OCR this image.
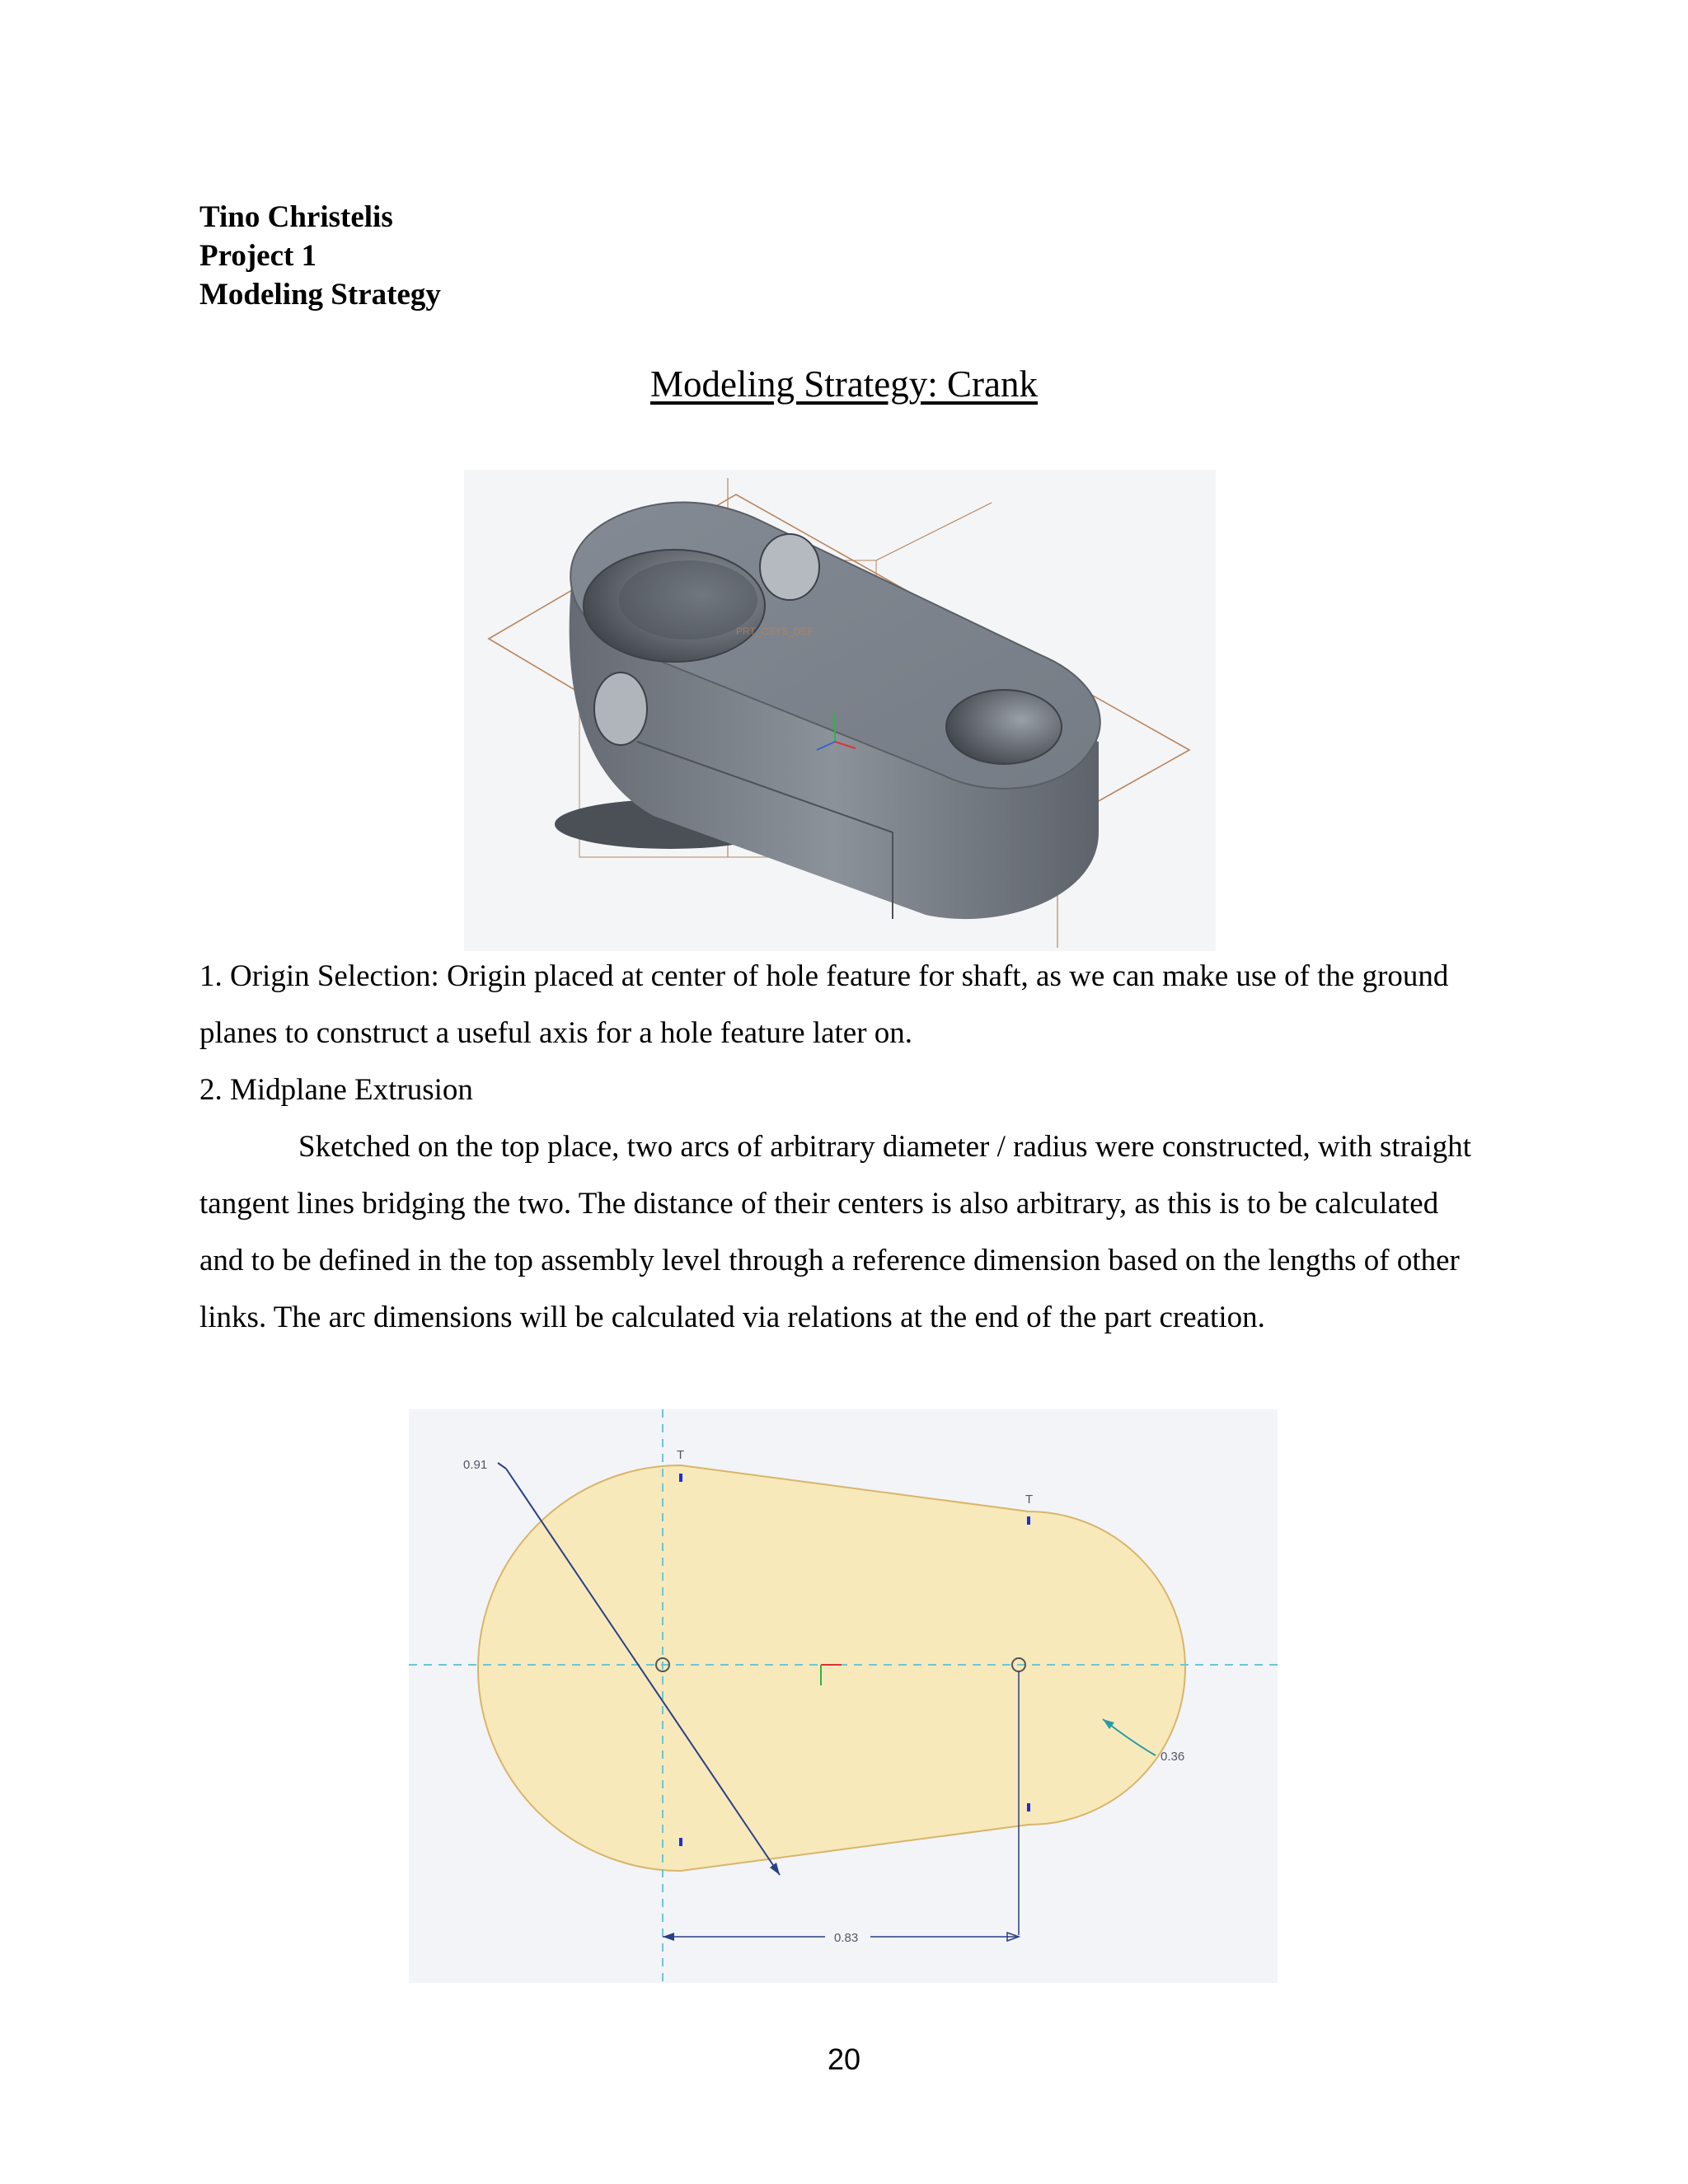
Tino Christelis
Project 1
Modeling Strategy
Modeling Strategy: Crank
PRT_CSYS_DEF

1. Origin Selection: Origin placed at center of hole feature for shaft, as we can make use of the ground planes to construct a useful axis for a hole feature later on.

2. Midplane Extrusion

Sketched on the top place, two arcs of arbitrary diameter / radius were constructed, with straight tangent lines bridging the two. The distance of their centers is also arbitrary, as this is to be calculated and to be defined in the top assembly level through a reference dimension based on the lengths of other links. The arc dimensions will be calculated via relations at the end of the part creation.

0.91
T
T
0.36
0.83
20
